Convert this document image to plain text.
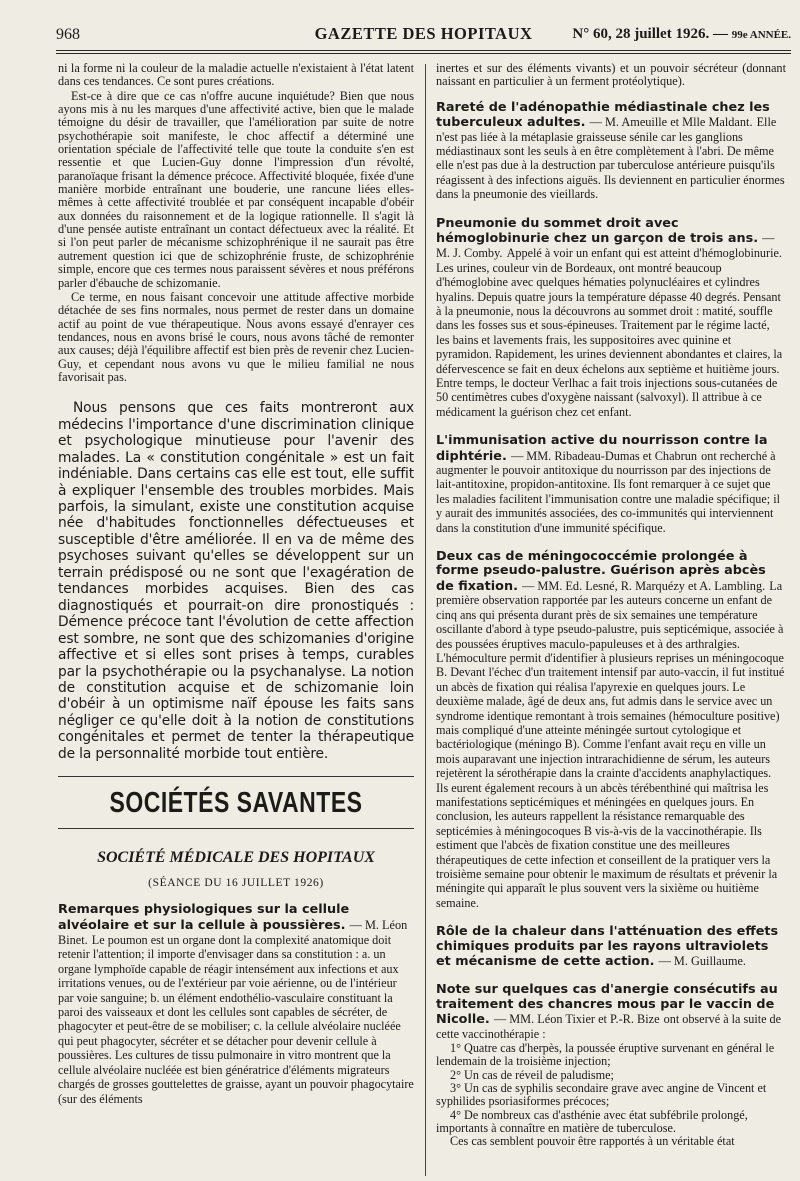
968	GAZETTE DES HOPITAUX	N° 60, 28 juillet 1926. — 99e ANNÉE.

ni la forme ni la couleur de la maladie actuelle n'existaient à l'état latent dans ces tendances. Ce sont pures créations.

Est-ce à dire que ce cas n'offre aucune inquiétude? Bien que nous ayons mis à nu les marques d'une affectivité active, bien que le malade témoigne du désir de travailler, que l'amélioration par suite de notre psychothérapie soit manifeste, le choc affectif a déterminé une orientation spéciale de l'affectivité telle que toute la conduite s'en est ressentie et que Lucien-Guy donne l'impression d'un révolté, paranoïaque frisant la démence précoce. Affectivité bloquée, fixée d'une manière morbide entraînant une bouderie, une rancune liées elles-mêmes à cette affectivité troublée et par conséquent incapable d'obéir aux données du raisonnement et de la logique rationnelle. Il s'agit là d'une pensée autiste entraînant un contact défectueux avec la réalité. Et si l'on peut parler de mécanisme schizophrénique il ne saurait pas être autrement question ici que de schizophrénie fruste, de schizophrénie simple, encore que ces termes nous paraissent sévères et nous préférons parler d'ébauche de schizomanie.

Ce terme, en nous faisant concevoir une attitude affective morbide détachée de ses fins normales, nous permet de rester dans un domaine actif au point de vue thérapeutique. Nous avons essayé d'enrayer ces tendances, nous en avons brisé le cours, nous avons tâché de remonter aux causes; déjà l'équilibre affectif est bien près de revenir chez Lucien-Guy, et cependant nous avons vu que le milieu familial ne nous favorisait pas.

Nous pensons que ces faits montreront aux médecins l'importance d'une discrimination clinique et psychologique minutieuse pour l'avenir des malades. La « constitution congénitale » est un fait indéniable. Dans certains cas elle est tout, elle suffit à expliquer l'ensemble des troubles morbides. Mais parfois, la simulant, existe une constitution acquise née d'habitudes fonctionnelles défectueuses et susceptible d'être améliorée. Il en va de même des psychoses suivant qu'elles se développent sur un terrain prédisposé ou ne sont que l'exagération de tendances morbides acquises. Bien des cas diagnostiqués et pourrait-on dire pronostiqués : Démence précoce tant l'évolution de cette affection est sombre, ne sont que des schizomanies d'origine affective et si elles sont prises à temps, curables par la psychothérapie ou la psychanalyse. La notion de constitution acquise et de schizomanie loin d'obéir à un optimisme naïf épouse les faits sans négliger ce qu'elle doit à la notion de constitutions congénitales et permet de tenter la thérapeutique de la personnalité morbide tout entière.

SOCIÉTÉS SAVANTES
SOCIÉTÉ MÉDICALE DES HOPITAUX
(SÉANCE DU 16 JUILLET 1926)
Remarques physiologiques sur la cellule alvéolaire et sur la cellule à poussières. — M. Léon Binet. Le poumon est un organe dont la complexité anatomique doit retenir l'attention; il importe d'envisager dans sa constitution : a. un organe lymphoïde capable de réagir intensément aux infections et aux irritations venues, ou de l'extérieur par voie aérienne, ou de l'intérieur par voie sanguine; b. un élément endothélio-vasculaire constituant la paroi des vaisseaux et dont les cellules sont capables de sécréter, de phagocyter et peut-être de se mobiliser; c. la cellule alvéolaire nucléée qui peut phagocyter, sécréter et se détacher pour devenir cellule à poussières. Les cultures de tissu pulmonaire in vitro montrent que la cellule alvéolaire nucléée est bien génératrice d'éléments migrateurs chargés de grosses gouttelettes de graisse, ayant un pouvoir phagocytaire (sur des éléments

inertes et sur des éléments vivants) et un pouvoir sécréteur (donnant naissant en particulier à un ferment protéolytique).

Rareté de l'adénopathie médiastinale chez les tuberculeux adultes. — M. Ameuille et Mlle Maldant. Elle n'est pas liée à la métaplasie graisseuse sénile car les ganglions médiastinaux sont les seuls à en être complètement à l'abri. De même elle n'est pas due à la destruction par tuberculose antérieure puisqu'ils réagissent à des infections aiguës. Ils deviennent en particulier énormes dans la pneumonie des vieillards.
Pneumonie du sommet droit avec hémoglobinurie chez un garçon de trois ans. — M. J. Comby. Appelé à voir un enfant qui est atteint d'hémoglobinurie. Les urines, couleur vin de Bordeaux, ont montré beaucoup d'hémoglobine avec quelques hématies polynucléaires et cylindres hyalins. Depuis quatre jours la température dépasse 40 degrés. Pensant à la pneumonie, nous la découvrons au sommet droit : matité, souffle dans les fosses sus et sous-épineuses. Traitement par le régime lacté, les bains et lavements frais, les suppositoires avec quinine et pyramidon. Rapidement, les urines deviennent abondantes et claires, la défervescence se fait en deux échelons aux septième et huitième jours. Entre temps, le docteur Verlhac a fait trois injections sous-cutanées de 50 centimètres cubes d'oxygène naissant (salvoxyl). Il attribue à ce médicament la guérison chez cet enfant.
L'immunisation active du nourrisson contre la diphtérie. — MM. Ribadeau-Dumas et Chabrun ont recherché à augmenter le pouvoir antitoxique du nourrisson par des injections de lait-antitoxine, propidon-antitoxine. Ils font remarquer à ce sujet que les maladies facilitent l'immunisation contre une maladie spécifique; il y aurait des immunités associées, des co-immunités qui interviennent dans la constitution d'une immunité spécifique.
Deux cas de méningococcémie prolongée à forme pseudo-palustre. Guérison après abcès de fixation. — MM. Ed. Lesné, R. Marquézy et A. Lambling. La première observation rapportée par les auteurs concerne un enfant de cinq ans qui présenta durant près de six semaines une température oscillante d'abord à type pseudo-palustre, puis septicémique, associée à des poussées éruptives maculo-papuleuses et à des arthralgies. L'hémoculture permit d'identifier à plusieurs reprises un méningocoque B. Devant l'échec d'un traitement intensif par auto-vaccin, il fut institué un abcès de fixation qui réalisa l'apyrexie en quelques jours. Le deuxième malade, âgé de deux ans, fut admis dans le service avec un syndrome identique remontant à trois semaines (hémoculture positive) mais compliqué d'une atteinte méningée surtout cytologique et bactériologique (méningo B). Comme l'enfant avait reçu en ville un mois auparavant une injection intrarachidienne de sérum, les auteurs rejetèrent la sérothérapie dans la crainte d'accidents anaphylactiques. Ils eurent également recours à un abcès térébenthiné qui maîtrisa les manifestations septicémiques et méningées en quelques jours. En conclusion, les auteurs rappellent la résistance remarquable des septicémies à méningocoques B vis-à-vis de la vaccinothérapie. Ils estiment que l'abcès de fixation constitue une des meilleures thérapeutiques de cette infection et conseillent de la pratiquer vers la troisième semaine pour obtenir le maximum de résultats et prévenir la méningite qui apparaît le plus souvent vers la sixième ou huitième semaine.
Rôle de la chaleur dans l'atténuation des effets chimiques produits par les rayons ultraviolets et mécanisme de cette action. — M. Guillaume.
Note sur quelques cas d'anergie consécutifs au traitement des chancres mous par le vaccin de Nicolle. — MM. Léon Tixier et P.-R. Bize ont observé à la suite de cette vaccinothérapie :

1° Quatre cas d'herpès, la poussée éruptive survenant en général le lendemain de la troisième injection;

2° Un cas de réveil de paludisme;

3° Un cas de syphilis secondaire grave avec angine de Vincent et syphilides psoriasiformes précoces;

4° De nombreux cas d'asthénie avec état subfébrile prolongé, importants à connaître en matière de tuberculose.

Ces cas semblent pouvoir être rapportés à un véritable état
